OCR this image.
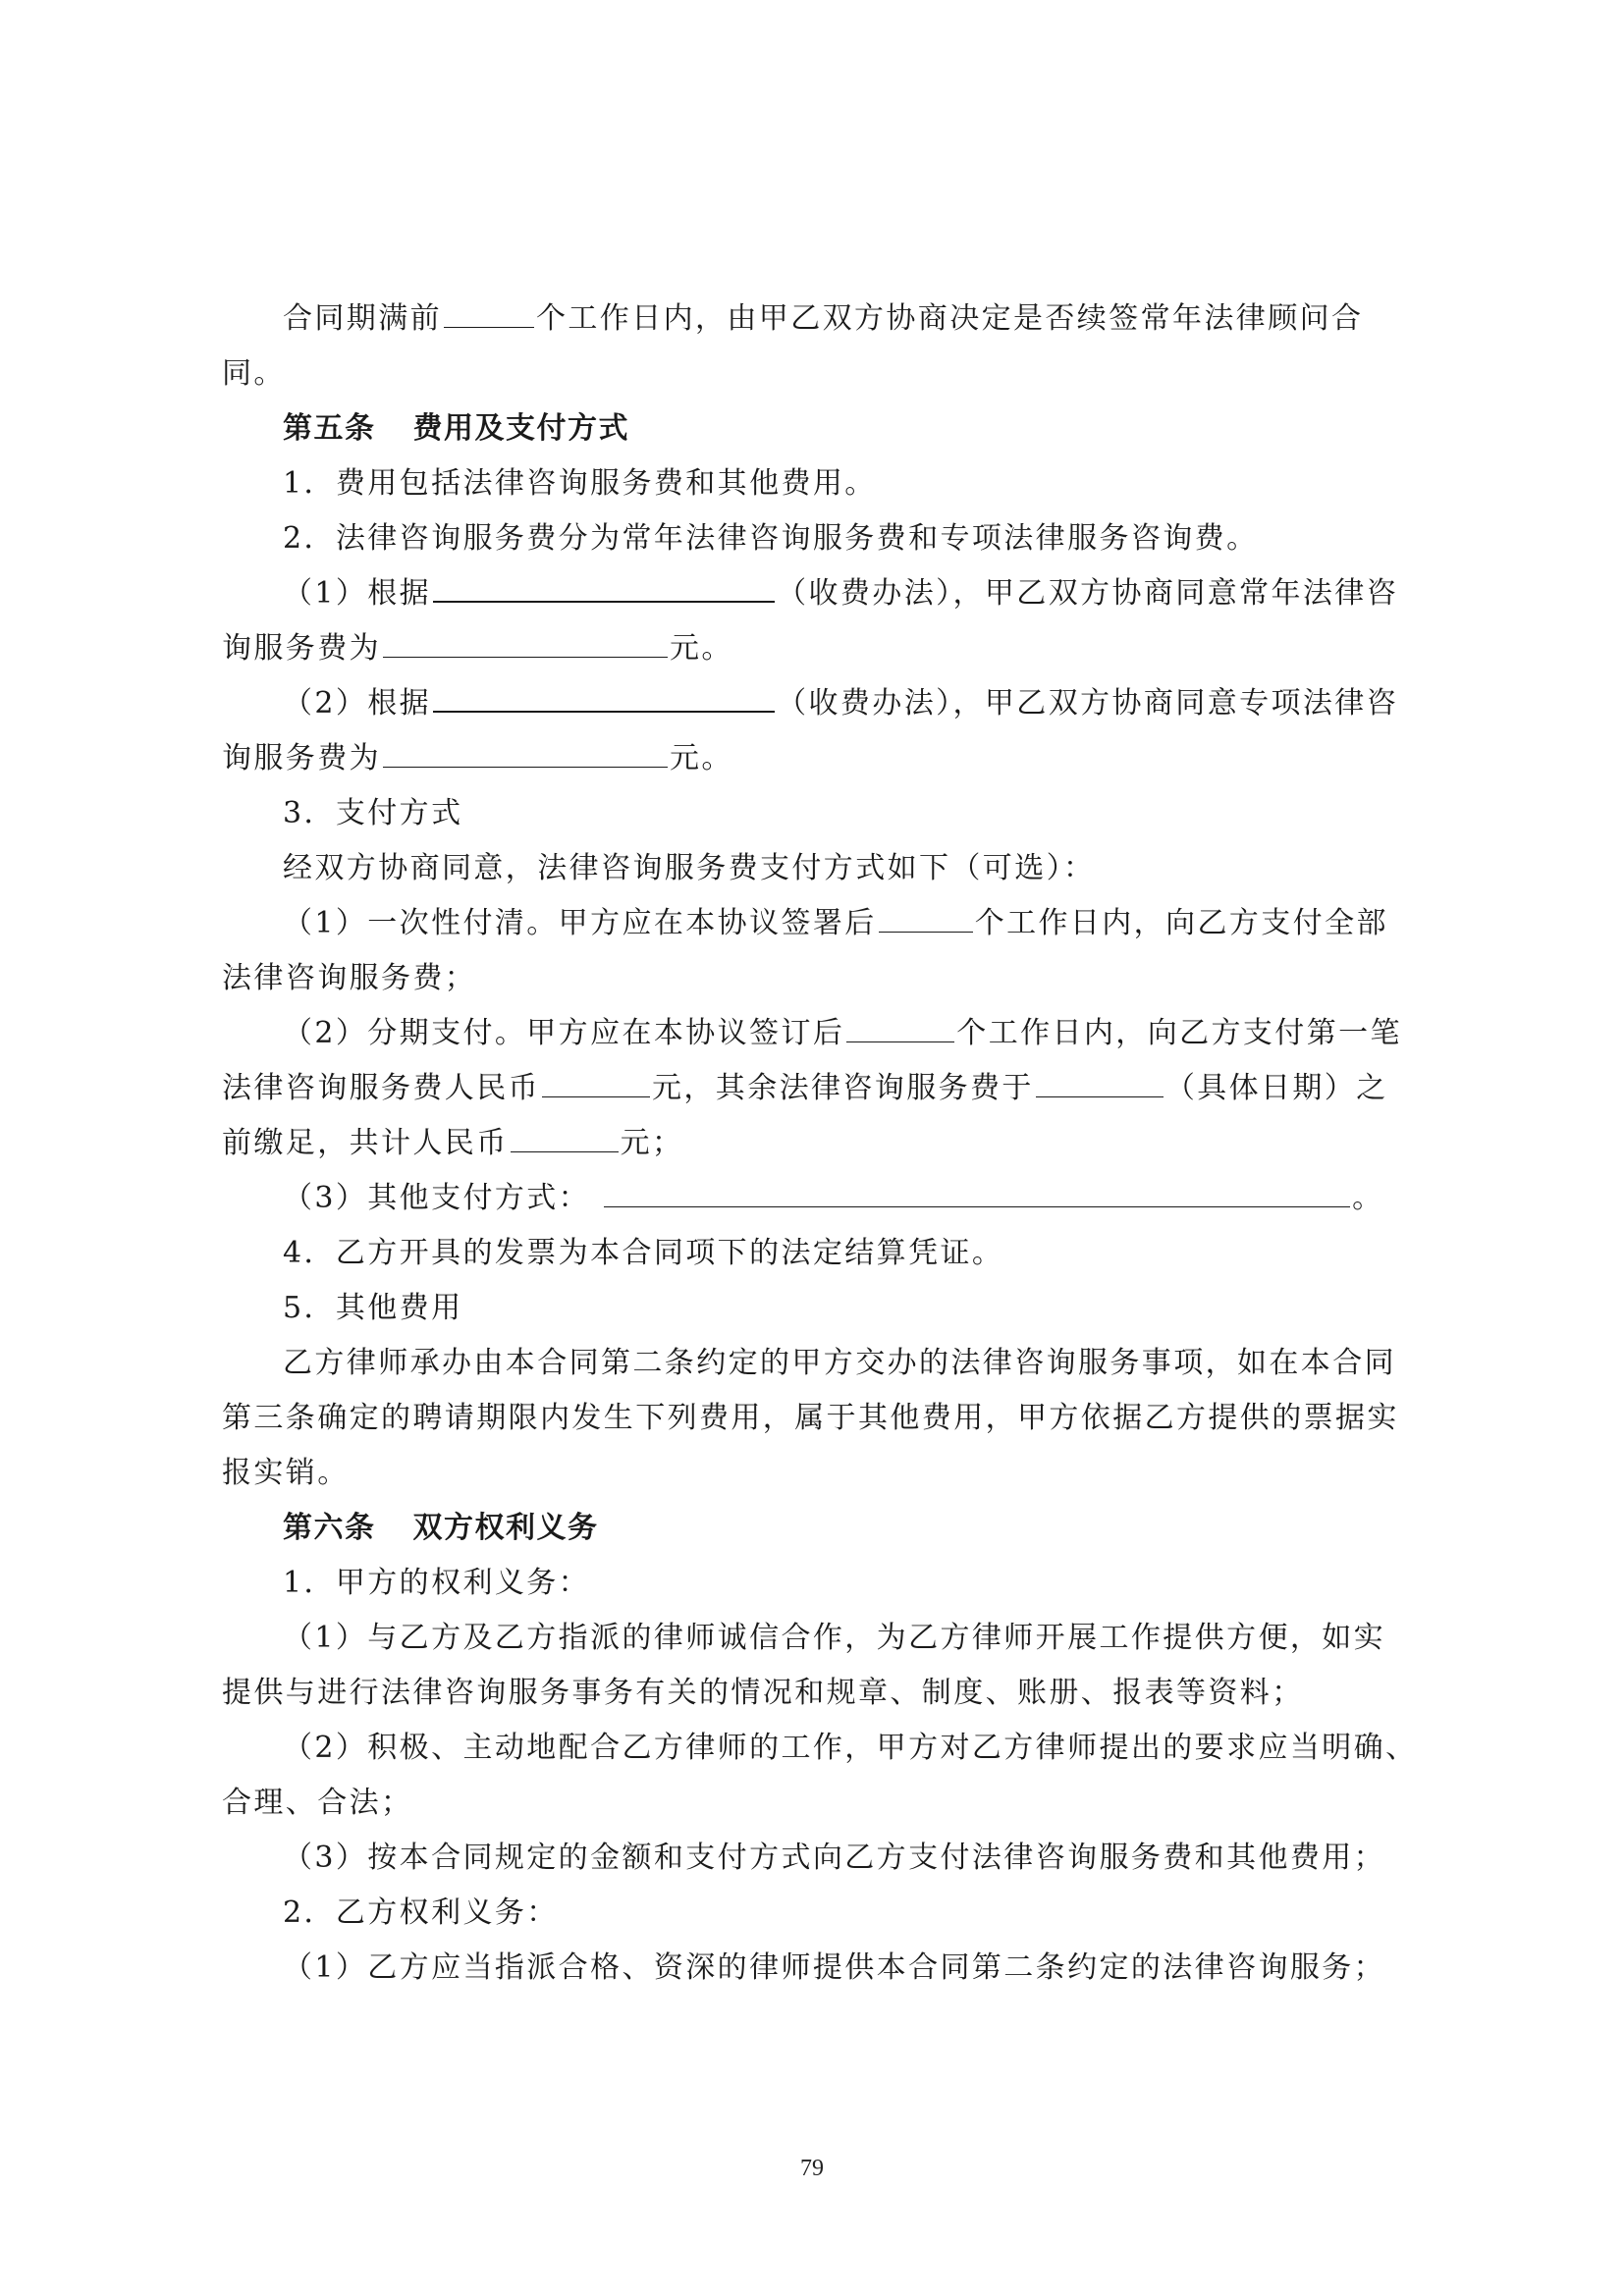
合同期满前	个工作日内，由甲乙双方协商决定是否续签常年法律顾问合

同。

第五条 费用及支付方式

1．费用包括法律咨询服务费和其他费用。

2．法律咨询服务费分为常年法律咨询服务费和专项法律服务咨询费。

（1）根据	（收费办法），甲乙双方协商同意常年法律咨

询服务费为	元。

（2）根据	（收费办法），甲乙双方协商同意专项法律咨

询服务费为	元。

3．支付方式

经双方协商同意，法律咨询服务费支付方式如下（可选）：

（1）一次性付清。甲方应在本协议签署后	个工作日内，向乙方支付全部

法律咨询服务费；

（2）分期支付。甲方应在本协议签订后	个工作日内，向乙方支付第一笔

法律咨询服务费人民币	元，其余法律咨询服务费于	（具体日期）之

前缴足，共计人民币	元；

（3）其他支付方式：	。

4．乙方开具的发票为本合同项下的法定结算凭证。

5．其他费用

乙方律师承办由本合同第二条约定的甲方交办的法律咨询服务事项，如在本合同

第三条确定的聘请期限内发生下列费用，属于其他费用，甲方依据乙方提供的票据实

报实销。

第六条 双方权利义务

1．甲方的权利义务：

（1）与乙方及乙方指派的律师诚信合作，为乙方律师开展工作提供方便，如实

提供与进行法律咨询服务事务有关的情况和规章、制度、账册、报表等资料；

（2）积极、主动地配合乙方律师的工作，甲方对乙方律师提出的要求应当明确、

合理、合法；

（3）按本合同规定的金额和支付方式向乙方支付法律咨询服务费和其他费用；

2．乙方权利义务：

（1）乙方应当指派合格、资深的律师提供本合同第二条约定的法律咨询服务；

79
